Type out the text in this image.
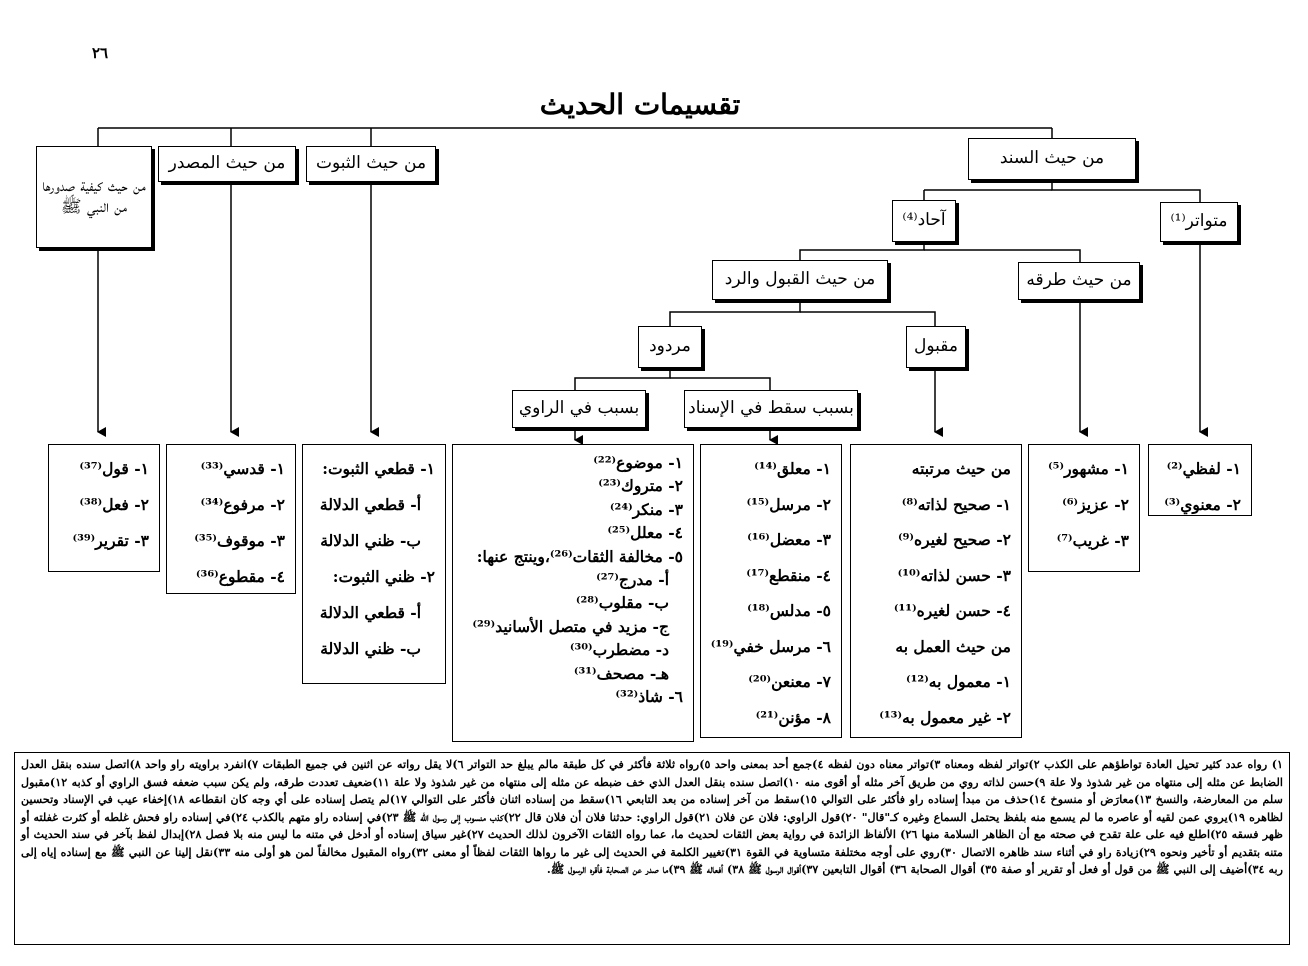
٢٦
تقسيمات الحديث
من حيث السند
من حيث الثبوت
من حيث المصدر
من حيث كيفية صدورها من النبي ﷺ
متواتر⁽¹⁾
آحاد⁽⁴⁾
من حيث طرقه
من حيث القبول والرد
مقبول
مردود
بسبب سقط في الإسناد
بسبب في الراوي
١- لفظي⁽²⁾
٢- معنوي⁽³⁾
١- مشهور⁽⁵⁾
٢- عزيز⁽⁶⁾
٣- غريب⁽⁷⁾
من حيث مرتبته
١- صحيح لذاته⁽⁸⁾
٢- صحيح لغيره⁽⁹⁾
٣- حسن لذاته⁽¹⁰⁾
٤- حسن لغيره⁽¹¹⁾
من حيث العمل به
١- معمول به⁽¹²⁾
٢- غير معمول به⁽¹³⁾
١- معلق⁽¹⁴⁾
٢- مرسل⁽¹⁵⁾
٣- معضل⁽¹⁶⁾
٤- منقطع⁽¹⁷⁾
٥- مدلس⁽¹⁸⁾
٦- مرسل خفي⁽¹⁹⁾
٧- معنعن⁽²⁰⁾
٨- مؤنن⁽²¹⁾
١- موضوع⁽²²⁾
٢- متروك⁽²³⁾
٣- منكر⁽²⁴⁾
٤- معلل⁽²⁵⁾
٥- مخالفة الثقات⁽²⁶⁾،وينتج عنها:
أ- مدرج⁽²⁷⁾
ب- مقلوب⁽²⁸⁾
ج- مزيد في متصل الأسانيد⁽²⁹⁾
د- مضطرب⁽³⁰⁾
هـ- مصحف⁽³¹⁾
٦- شاذ⁽³²⁾
١- قطعي الثبوت:
أ- قطعي الدلالة
ب- ظني الدلالة
٢- ظني الثبوت:
أ- قطعي الدلالة
ب- ظني الدلالة
١- قدسي⁽³³⁾
٢- مرفوع⁽³⁴⁾
٣- موقوف⁽³⁵⁾
٤- مقطوع⁽³⁶⁾
١- قول⁽³⁷⁾
٢- فعل⁽³⁸⁾
٣- تقرير⁽³⁹⁾
١) رواه عدد كثير تحيل العادة تواطؤهم على الكذب ٢)تواتر لفظه ومعناه ٣)تواتر معناه دون لفظه ٤)جمع أحد بمعنى واحد ٥)رواه ثلاثة فأكثر في كل طبقة مالم يبلغ حد التواتر ٦)لا يقل رواته عن اثنين في جميع الطبقات ٧)انفرد براويته راو واحد ٨)اتصل سنده بنقل العدل الضابط عن مثله إلى منتهاه من غير شذوذ ولا علة ٩)حسن لذاته روي من طريق آخر مثله أو أقوى منه ١٠)اتصل سنده بنقل العدل الذي خف ضبطه عن مثله إلى منتهاه من غير شذوذ ولا علة ١١)ضعيف تعددت طرقه، ولم يكن سبب ضعفه فسق الراوي أو كذبه ١٢)مقبول سلم من المعارضة، والنسخ ١٣)معارَض أو منسوخ ١٤)حذف من مبدأ إسناده راو فأكثر على التوالي ١٥)سقط من آخر إسناده من بعد التابعي ١٦)سقط من إسناده اثنان فأكثر على التوالي ١٧)لم يتصل إسناده على أي وجه كان انقطاعه ١٨)إخفاء عيب في الإسناد وتحسين لظاهره ١٩)يروي عمن لقيه أو عاصره ما لم يسمع منه بلفظ يحتمل السماع وغيره كـ"قال" ٢٠)قول الراوي: فلان عن فلان ٢١)قول الراوي: حدثنا فلان أن فلان قال ٢٢)كذب منسوب إلى رسول الله ﷺ ٢٣)في إسناده راو متهم بالكذب ٢٤)في إسناده راو فحش غلطه أو كثرت غفلته أو ظهر فسقه ٢٥)اطلع فيه على علة تقدح في صحته مع أن الظاهر السلامة منها ٢٦) الألفاظ الزائدة في رواية بعض الثقات لحديث ما، عما رواه الثقات الآخرون لذلك الحديث ٢٧)غير سياق إسناده أو أدخل في متنه ما ليس منه بلا فصل ٢٨)إبدال لفظ بآخر في سند الحديث أو متنه بتقديم أو تأخير ونحوه ٢٩)زيادة راو في أثناء سند ظاهره الاتصال ٣٠)روي على أوجه مختلفة متساوية في القوة ٣١)تغيير الكلمة في الحديث إلى غير ما رواها الثقات لفظاً أو معنى ٣٢)رواه المقبول مخالفاً لمن هو أولى منه ٣٣)نقل إلينا عن النبي ﷺ مع إسناده إياه إلى ربه ٣٤)أضيف إلى النبي ﷺ من قول أو فعل أو تقرير أو صفة ٣٥) أقوال الصحابة ٣٦) أقوال التابعين ٣٧)أقوال الرسول ﷺ ٣٨) أفعاله ﷺ ٣٩)ما صدر عن الصحابة فأقره الرسول ﷺ.
